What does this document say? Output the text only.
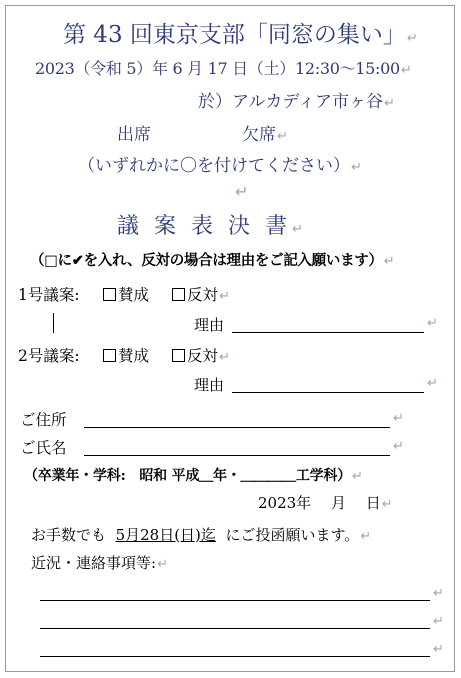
第 43 回東京支部「同窓の集い」↵
2023（令和 5）年 6 月 17 日（土）12:30〜15:00↵
於）アルカディア市ヶ谷↵
出席	欠席↵
（いずれかに〇を付けてください）↵
↵
議 案 表 決 書↵
（□に✔を入れ、反対の場合は理由をご記入願います）↵
1号議案:	賛成	反対↵
理由	↵
2号議案:	賛成	反対↵
理由	↵
ご住所	↵
ご氏名	↵
（卒業年・学科:　昭和 平成＿年・＿＿＿＿工学科）↵
2023年　 月　 日↵
お手数でも 5月28日(日)迄 にご投函願います。↵
近況・連絡事項等:↵
↵
↵
↵
